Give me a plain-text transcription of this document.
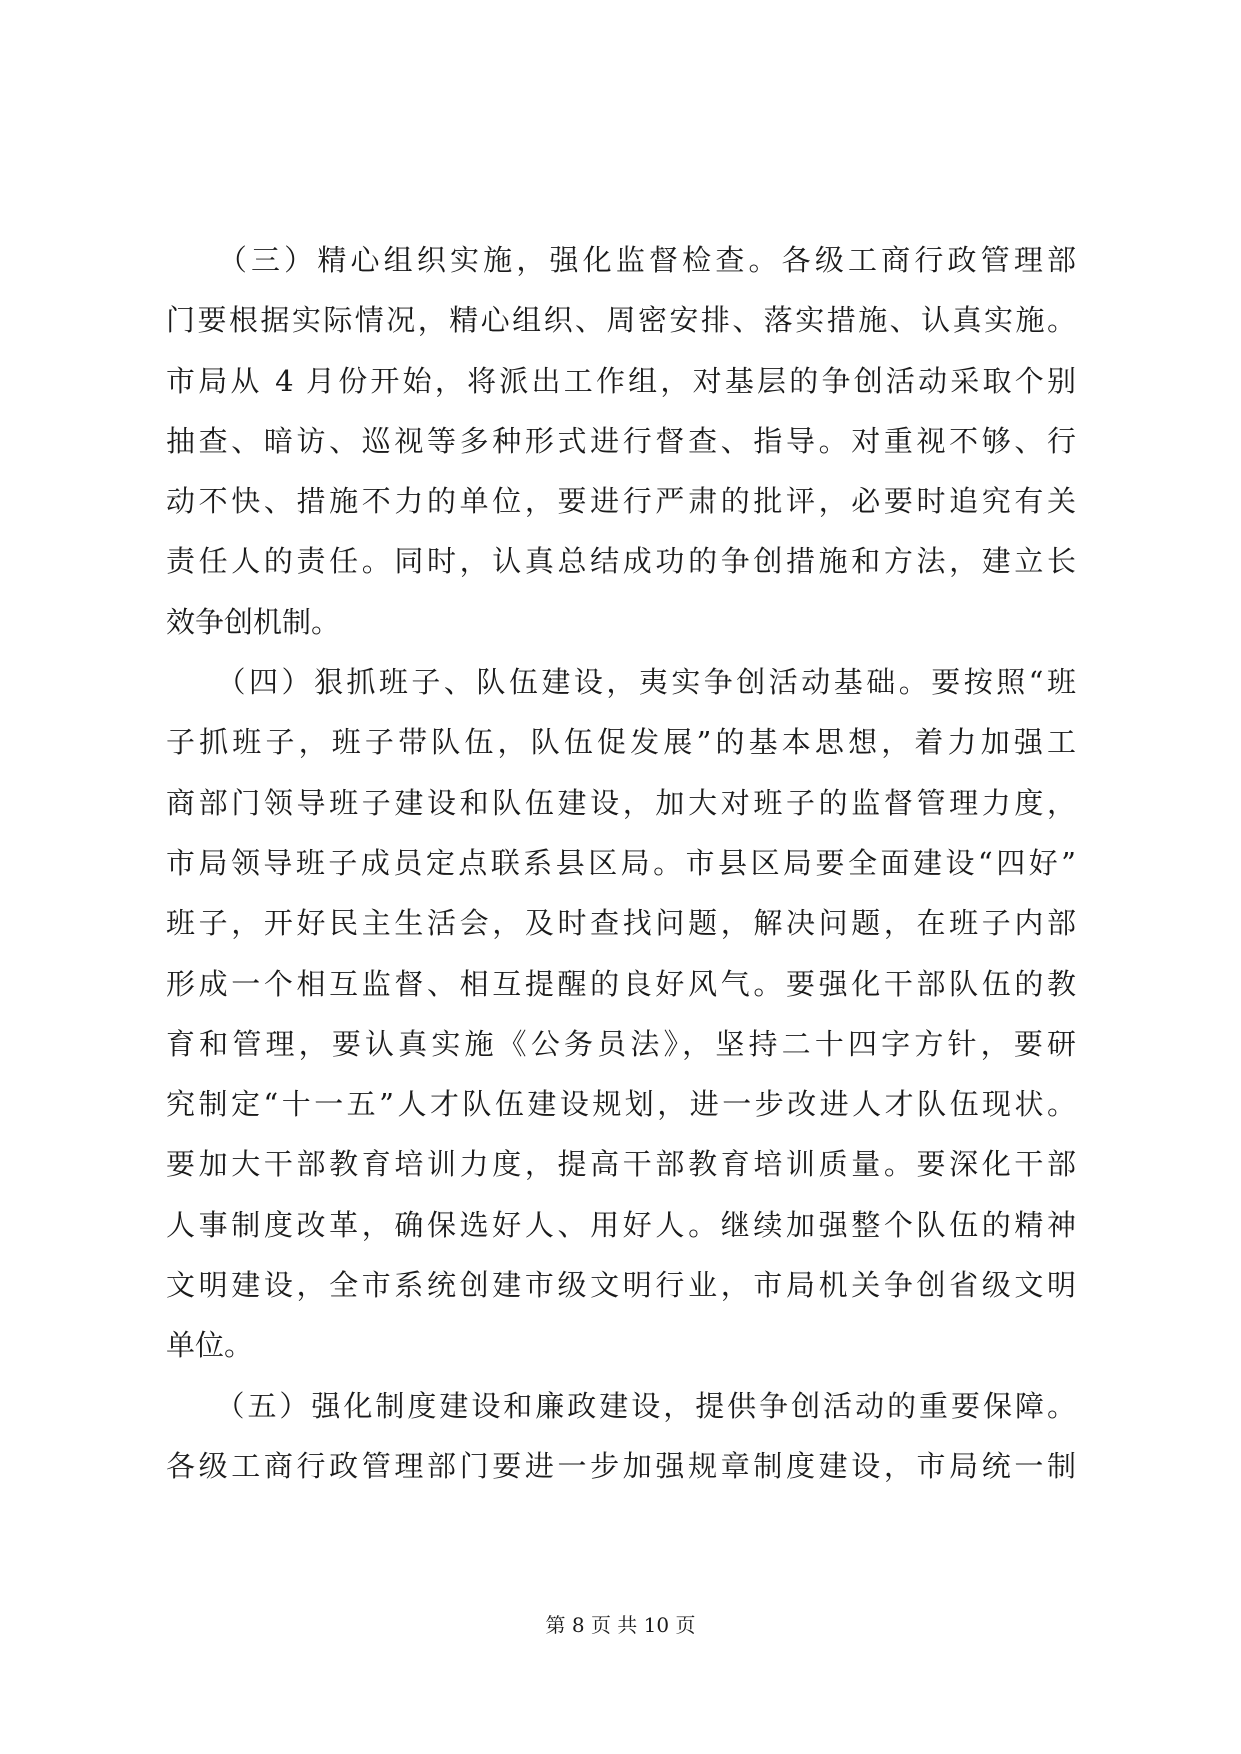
　　（三）精心组织实施，强化监督检查。各级工商行政管理部
门要根据实际情况，精心组织、周密安排、落实措施、认真实施。
市局从 4 月份开始，将派出工作组，对基层的争创活动采取个别
抽查、暗访、巡视等多种形式进行督查、指导。对重视不够、行
动不快、措施不力的单位，要进行严肃的批评，必要时追究有关
责任人的责任。同时，认真总结成功的争创措施和方法，建立长
效争创机制。
　　（四）狠抓班子、队伍建设，夷实争创活动基础。要按照“班
子抓班子，班子带队伍，队伍促发展”的基本思想，着力加强工
商部门领导班子建设和队伍建设，加大对班子的监督管理力度，
市局领导班子成员定点联系县区局。市县区局要全面建设“四好”
班子，开好民主生活会，及时查找问题，解决问题，在班子内部
形成一个相互监督、相互提醒的良好风气。要强化干部队伍的教
育和管理，要认真实施《公务员法》，坚持二十四字方针，要研
究制定“十一五”人才队伍建设规划，进一步改进人才队伍现状。
要加大干部教育培训力度，提高干部教育培训质量。要深化干部
人事制度改革，确保选好人、用好人。继续加强整个队伍的精神
文明建设，全市系统创建市级文明行业，市局机关争创省级文明
单位。
　　（五）强化制度建设和廉政建设，提供争创活动的重要保障。
各级工商行政管理部门要进一步加强规章制度建设，市局统一制
第 8 页 共 10 页
